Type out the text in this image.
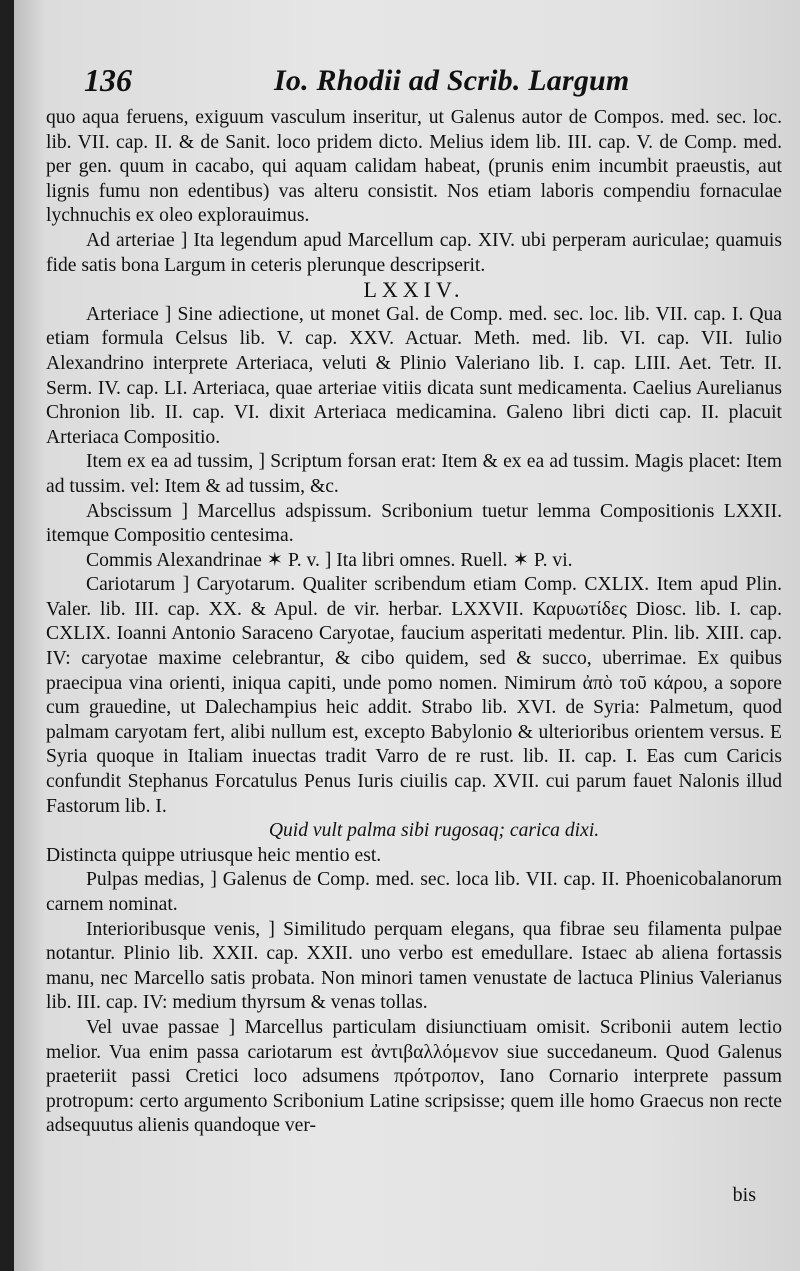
136	Io. Rhodii ad Scrib. Largum

quo aqua feruens, exiguum vasculum inseritur, ut Galenus autor de Compos. med. sec. loc. lib. VII. cap. II. & de Sanit. loco pridem dicto. Melius idem lib. III. cap. V. de Comp. med. per gen. quum in cacabo, qui aquam calidam habeat, (prunis enim incumbit praeustis, aut lignis fumu non edentibus) vas alteru consistit. Nos etiam laboris compendiu fornaculae lychnuchis ex oleo explorauimus.

Ad arteriae ] Ita legendum apud Marcellum cap. XIV. ubi perperam auriculae; quamuis fide satis bona Largum in ceteris plerunque descripserit.

LXXIV.

Arteriace ] Sine adiectione, ut monet Gal. de Comp. med. sec. loc. lib. VII. cap. I. Qua etiam formula Celsus lib. V. cap. XXV. Actuar. Meth. med. lib. VI. cap. VII. Iulio Alexandrino interprete Arteriaca, veluti & Plinio Valeriano lib. I. cap. LIII. Aet. Tetr. II. Serm. IV. cap. LI. Arteriaca, quae arteriae vitiis dicata sunt medicamenta. Caelius Aurelianus Chronion lib. II. cap. VI. dixit Arteriaca medicamina. Galeno libri dicti cap. II. placuit Arteriaca Compositio.

Item ex ea ad tussim, ] Scriptum forsan erat: Item & ex ea ad tussim. Magis placet: Item ad tussim. vel: Item & ad tussim, &c.

Abscissum ] Marcellus adspissum. Scribonium tuetur lemma Compositionis LXXII. itemque Compositio centesima.

Commis Alexandrinae ✶ P. v. ] Ita libri omnes. Ruell. ✶ P. vi.

Cariotarum ] Caryotarum. Qualiter scribendum etiam Comp. CXLIX. Item apud Plin. Valer. lib. III. cap. XX. & Apul. de vir. herbar. LXXVII. Καρυωτίδες Diosc. lib. I. cap. CXLIX. Ioanni Antonio Saraceno Caryotae, faucium asperitati medentur. Plin. lib. XIII. cap. IV: caryotae maxime celebrantur, & cibo quidem, sed & succo, uberrimae. Ex quibus praecipua vina orienti, iniqua capiti, unde pomo nomen. Nimirum ἀπὸ τοῦ κάρου, a sopore cum grauedine, ut Dalechampius heic addit. Strabo lib. XVI. de Syria: Palmetum, quod palmam caryotam fert, alibi nullum est, excepto Babylonio & ulterioribus orientem versus. E Syria quoque in Italiam inuectas tradit Varro de re rust. lib. II. cap. I. Eas cum Caricis confundit Stephanus Forcatulus Penus Iuris ciuilis cap. XVII. cui parum fauet Nalonis illud Fastorum lib. I.

Quid vult palma sibi rugosaq; carica dixi.

Distincta quippe utriusque heic mentio est.

Pulpas medias, ] Galenus de Comp. med. sec. loca lib. VII. cap. II. Phoenicobalanorum carnem nominat.

Interioribusque venis, ] Similitudo perquam elegans, qua fibrae seu filamenta pulpae notantur. Plinio lib. XXII. cap. XXII. uno verbo est emedullare. Istaec ab aliena fortassis manu, nec Marcello satis probata. Non minori tamen venustate de lactuca Plinius Valerianus lib. III. cap. IV: medium thyrsum & venas tollas.

Vel uvae passae ] Marcellus particulam disiunctiuam omisit. Scribonii autem lectio melior. Vua enim passa cariotarum est ἀντιβαλλόμενον siue succedaneum. Quod Galenus praeteriit passi Cretici loco adsumens πρότροπον, Iano Cornario interprete passum protropum: certo argumento Scribonium Latine scripsisse; quem ille homo Graecus non recte adsequutus alienis quandoque ver-

bis
